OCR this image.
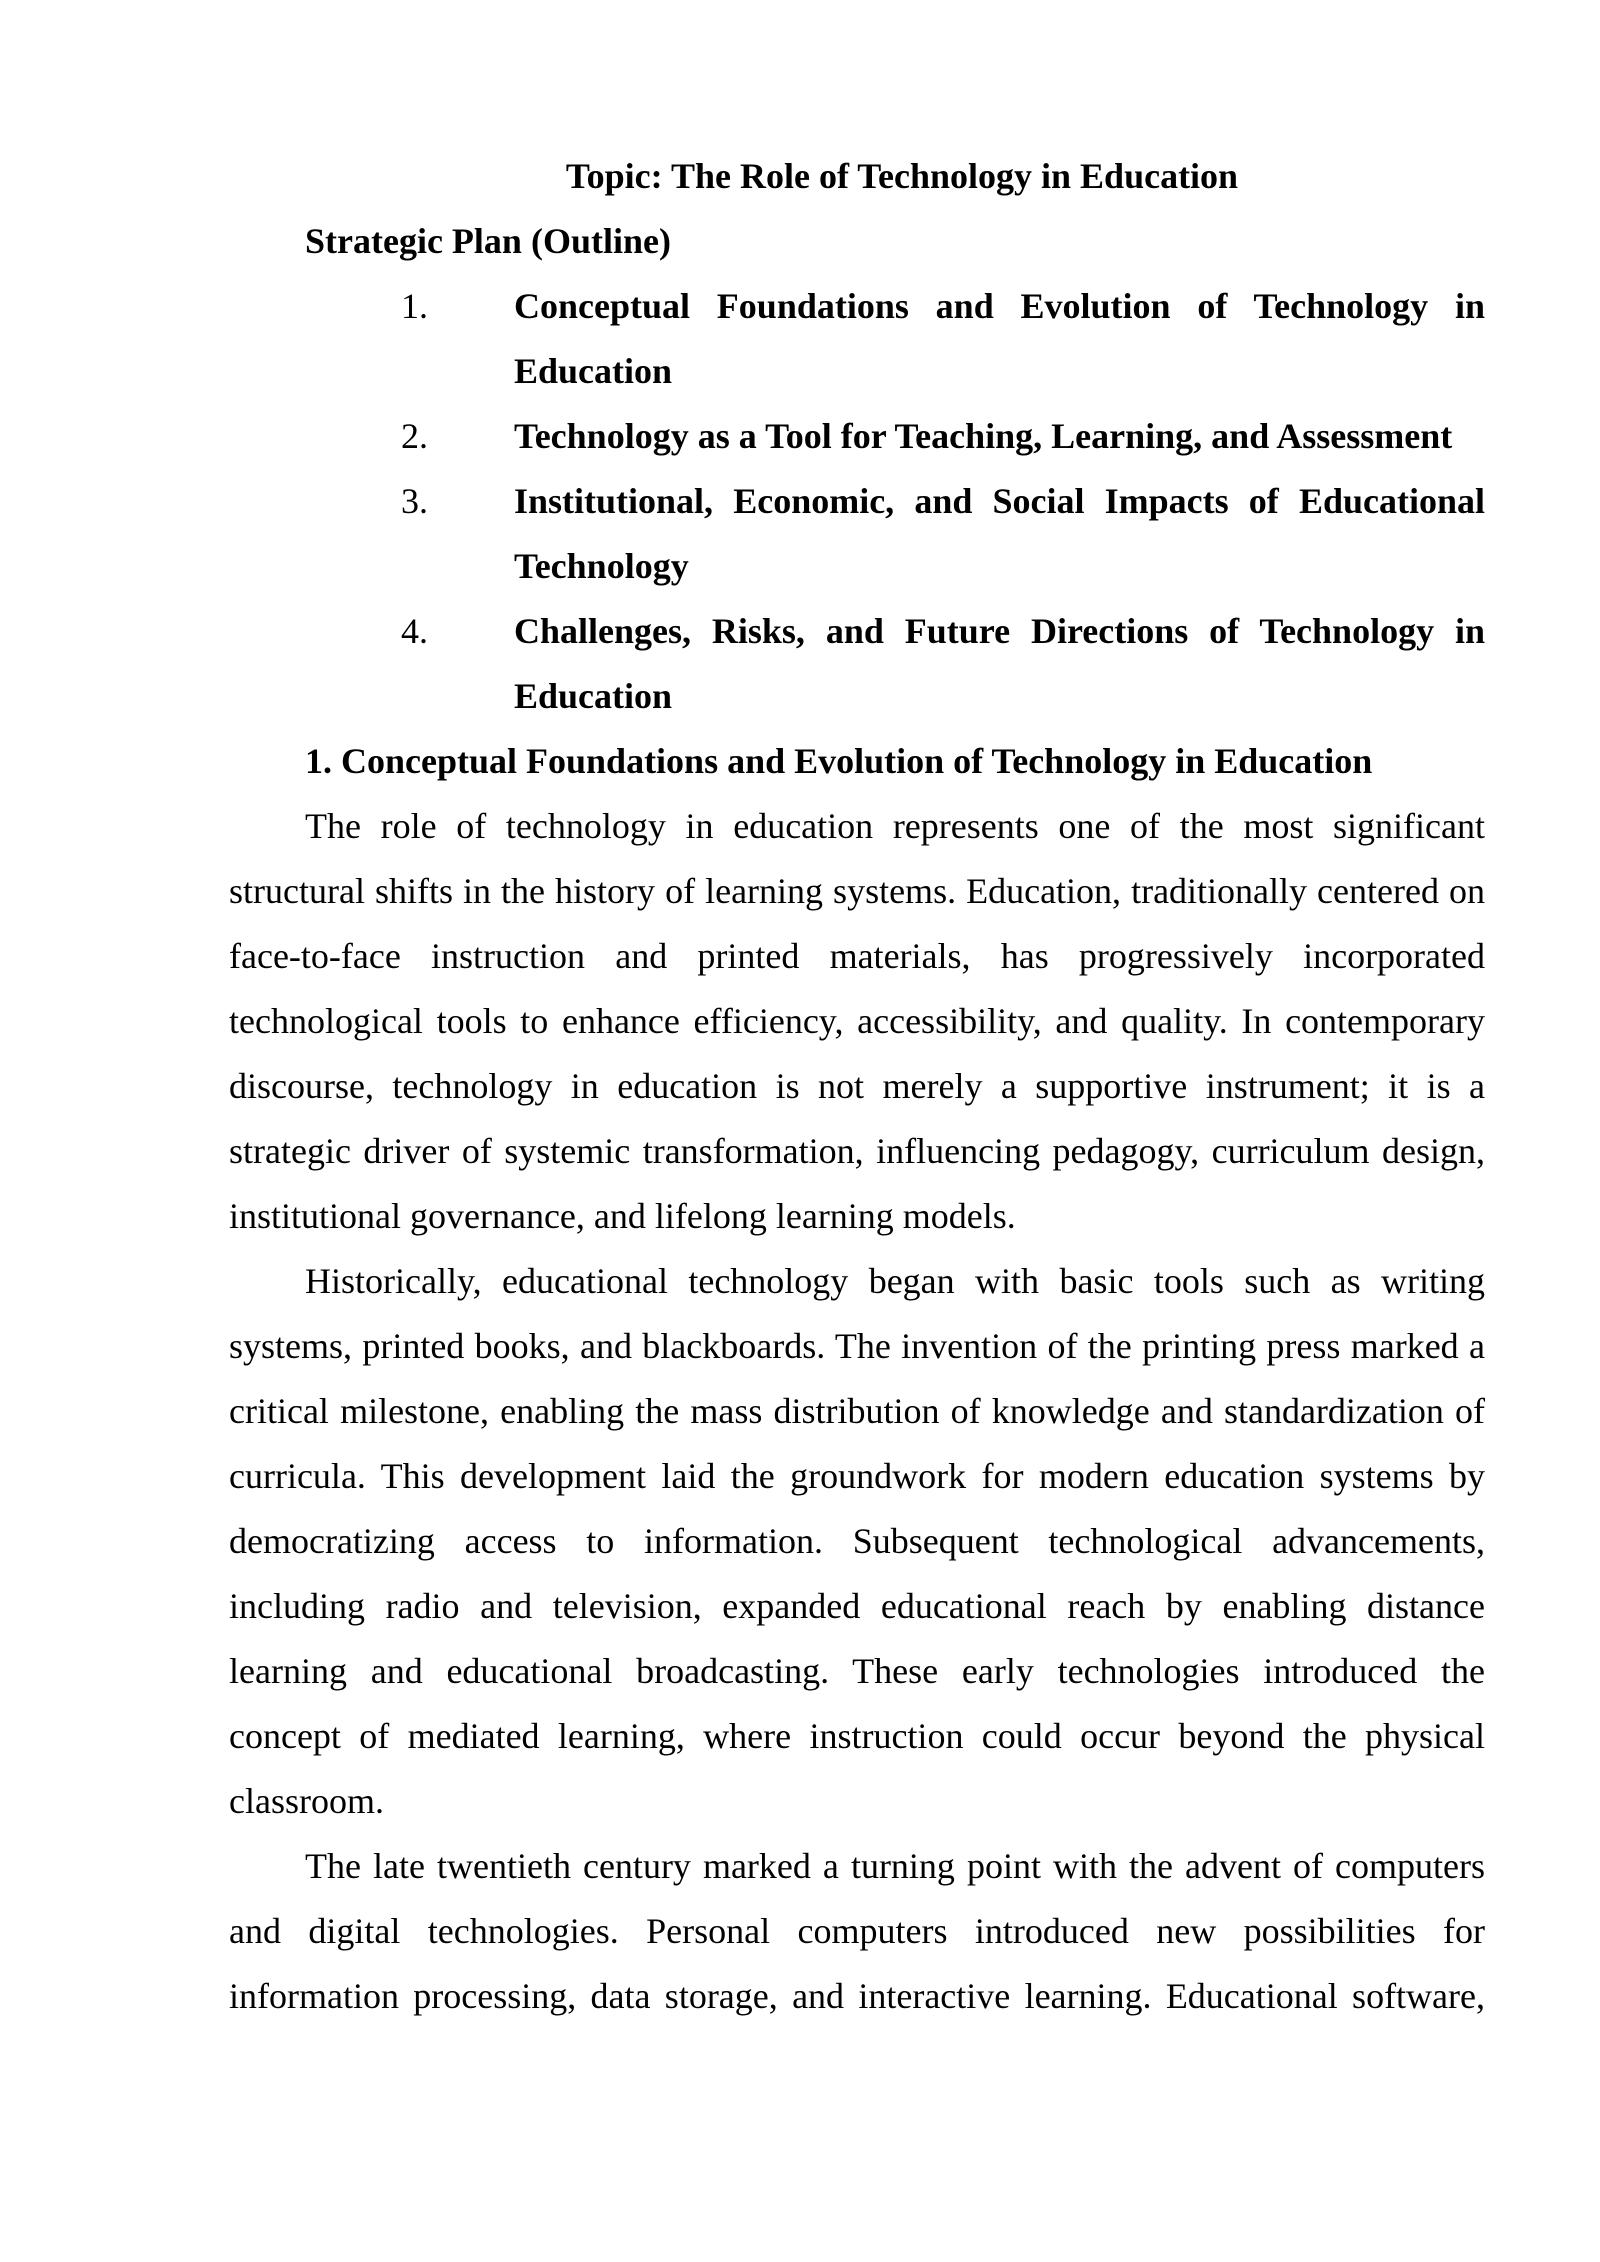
Topic: The Role of Technology in Education

Strategic Plan (Outline)

1. Conceptual Foundations and Evolution of Technology in Education
2. Technology as a Tool for Teaching, Learning, and Assessment
3. Institutional, Economic, and Social Impacts of Educational Technology
4. Challenges, Risks, and Future Directions of Technology in Education

1. Conceptual Foundations and Evolution of Technology in Education

The role of technology in education represents one of the most significant structural shifts in the history of learning systems. Education, traditionally centered on face-to-face instruction and printed materials, has progressively incorporated technological tools to enhance efficiency, accessibility, and quality. In contemporary discourse, technology in education is not merely a supportive instrument; it is a strategic driver of systemic transformation, influencing pedagogy, curriculum design, institutional governance, and lifelong learning models.

Historically, educational technology began with basic tools such as writing systems, printed books, and blackboards. The invention of the printing press marked a critical milestone, enabling the mass distribution of knowledge and standardization of curricula. This development laid the groundwork for modern education systems by democratizing access to information. Subsequent technological advancements, including radio and television, expanded educational reach by enabling distance learning and educational broadcasting. These early technologies introduced the concept of mediated learning, where instruction could occur beyond the physical classroom.

The late twentieth century marked a turning point with the advent of computers and digital technologies. Personal computers introduced new possibilities for information processing, data storage, and interactive learning. Educational software,
